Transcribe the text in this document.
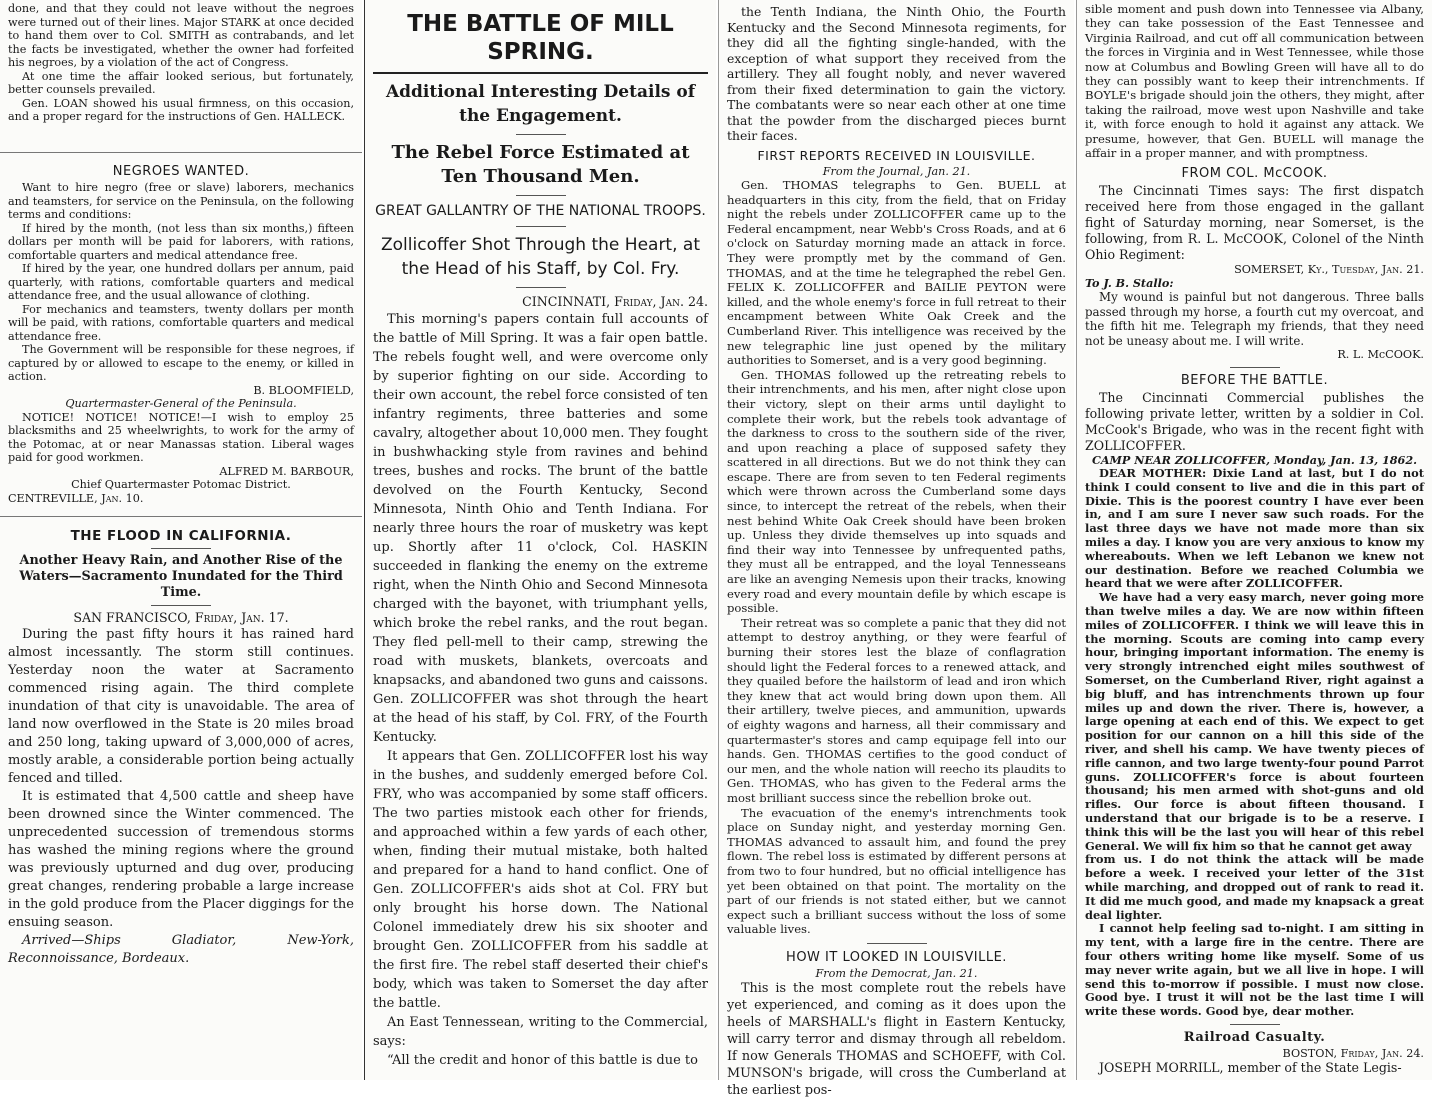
done, and that they could not leave without the negroes were turned out of their lines. Major STARK at once decided to hand them over to Col. SMITH as contrabands, and let the facts be investigated, whether the owner had forfeited his negroes, by a violation of the act of Congress.

At one time the affair looked serious, but fortunately, better counsels prevailed.

Gen. LOAN showed his usual firmness, on this occasion, and a proper regard for the instructions of Gen. HALLECK.

NEGROES WANTED.

Want to hire negro (free or slave) laborers, mechanics and teamsters, for service on the Peninsula, on the following terms and conditions:

If hired by the month, (not less than six months,) fifteen dollars per month will be paid for laborers, with rations, comfortable quarters and medical attendance free.

If hired by the year, one hundred dollars per annum, paid quarterly, with rations, comfortable quarters and medical attendance free, and the usual allowance of clothing.

For mechanics and teamsters, twenty dollars per month will be paid, with rations, comfortable quarters and medical attendance free.

The Government will be responsible for these negroes, if captured by or allowed to escape to the enemy, or killed in action.

B. BLOOMFIELD,

Quartermaster-General of the Peninsula.

NOTICE! NOTICE! NOTICE!—I wish to employ 25 blacksmiths and 25 wheelwrights, to work for the army of the Potomac, at or near Manassas station. Liberal wages paid for good workmen.

ALFRED M. BARBOUR,

Chief Quartermaster Potomac District.

CENTREVILLE, Jan. 10.

THE FLOOD IN CALIFORNIA.

Another Heavy Rain, and Another Rise of the Waters—Sacramento Inundated for the Third Time.

SAN FRANCISCO, Friday, Jan. 17.

During the past fifty hours it has rained hard almost incessantly. The storm still continues. Yesterday noon the water at Sacramento commenced rising again. The third complete inundation of that city is unavoidable. The area of land now overflowed in the State is 20 miles broad and 250 long, taking upward of 3,000,000 of acres, mostly arable, a considerable portion being actually fenced and tilled.

It is estimated that 4,500 cattle and sheep have been drowned since the Winter commenced. The unprecedented succession of tremendous storms has washed the mining regions where the ground was previously upturned and dug over, producing great changes, rendering probable a large increase in the gold produce from the Placer diggings for the ensuing season.

Arrived—Ships Gladiator, New-York, Reconnoissance, Bordeaux.

THE BATTLE OF MILL SPRING.
Additional Interesting Details of the Engagement.
The Rebel Force Estimated at Ten Thousand Men.
GREAT GALLANTRY OF THE NATIONAL TROOPS.
Zollicoffer Shot Through the Heart, at the Head of his Staff, by Col. Fry.

CINCINNATI, Friday, Jan. 24.

This morning's papers contain full accounts of the battle of Mill Spring. It was a fair open battle. The rebels fought well, and were overcome only by superior fighting on our side. According to their own account, the rebel force consisted of ten infantry regiments, three batteries and some cavalry, altogether about 10,000 men. They fought in bushwhacking style from ravines and behind trees, bushes and rocks. The brunt of the battle devolved on the Fourth Kentucky, Second Minnesota, Ninth Ohio and Tenth Indiana. For nearly three hours the roar of musketry was kept up. Shortly after 11 o'clock, Col. HASKIN succeeded in flanking the enemy on the extreme right, when the Ninth Ohio and Second Minnesota charged with the bayonet, with triumphant yells, which broke the rebel ranks, and the rout began. They fled pell-mell to their camp, strewing the road with muskets, blankets, overcoats and knapsacks, and abandoned two guns and caissons. Gen. ZOLLICOFFER was shot through the heart at the head of his staff, by Col. FRY, of the Fourth Kentucky.

It appears that Gen. ZOLLICOFFER lost his way in the bushes, and suddenly emerged before Col. FRY, who was accompanied by some staff officers. The two parties mistook each other for friends, and approached within a few yards of each other, when, finding their mutual mistake, both halted and prepared for a hand to hand conflict. One of Gen. ZOLLICOFFER's aids shot at Col. FRY but only brought his horse down. The National Colonel immediately drew his six shooter and brought Gen. ZOLLICOFFER from his saddle at the first fire. The rebel staff deserted their chief's body, which was taken to Somerset the day after the battle.

An East Tennessean, writing to the Commercial, says:

“All the credit and honor of this battle is due to

the Tenth Indiana, the Ninth Ohio, the Fourth Kentucky and the Second Minnesota regiments, for they did all the fighting single-handed, with the exception of what support they received from the artillery. They all fought nobly, and never wavered from their fixed determination to gain the victory. The combatants were so near each other at one time that the powder from the discharged pieces burnt their faces.

FIRST REPORTS RECEIVED IN LOUISVILLE.

From the Journal, Jan. 21.

Gen. THOMAS telegraphs to Gen. BUELL at headquarters in this city, from the field, that on Friday night the rebels under ZOLLICOFFER came up to the Federal encampment, near Webb's Cross Roads, and at 6 o'clock on Saturday morning made an attack in force. They were promptly met by the command of Gen. THOMAS, and at the time he telegraphed the rebel Gen. FELIX K. ZOLLICOFFER and BAILIE PEYTON were killed, and the whole enemy's force in full retreat to their encampment between White Oak Creek and the Cumberland River. This intelligence was received by the new telegraphic line just opened by the military authorities to Somerset, and is a very good beginning.

Gen. THOMAS followed up the retreating rebels to their intrenchments, and his men, after night close upon their victory, slept on their arms until daylight to complete their work, but the rebels took advantage of the darkness to cross to the southern side of the river, and upon reaching a place of supposed safety they scattered in all directions. But we do not think they can escape. There are from seven to ten Federal regiments which were thrown across the Cumberland some days since, to intercept the retreat of the rebels, when their nest behind White Oak Creek should have been broken up. Unless they divide themselves up into squads and find their way into Tennessee by unfrequented paths, they must all be entrapped, and the loyal Tennesseans are like an avenging Nemesis upon their tracks, knowing every road and every mountain defile by which escape is possible.

Their retreat was so complete a panic that they did not attempt to destroy anything, or they were fearful of burning their stores lest the blaze of conflagration should light the Federal forces to a renewed attack, and they quailed before the hailstorm of lead and iron which they knew that act would bring down upon them. All their artillery, twelve pieces, and ammunition, upwards of eighty wagons and harness, all their commissary and quartermaster's stores and camp equipage fell into our hands. Gen. THOMAS certifies to the good conduct of our men, and the whole nation will reecho its plaudits to Gen. THOMAS, who has given to the Federal arms the most brilliant success since the rebellion broke out.

The evacuation of the enemy's intrenchments took place on Sunday night, and yesterday morning Gen. THOMAS advanced to assault him, and found the prey flown. The rebel loss is estimated by different persons at from two to four hundred, but no official intelligence has yet been obtained on that point. The mortality on the part of our friends is not stated either, but we cannot expect such a brilliant success without the loss of some valuable lives.

HOW IT LOOKED IN LOUISVILLE.

From the Democrat, Jan. 21.

This is the most complete rout the rebels have yet experienced, and coming as it does upon the heels of MARSHALL's flight in Eastern Kentucky, will carry terror and dismay through all rebeldom. If now Generals THOMAS and SCHOEFF, with Col. MUNSON's brigade, will cross the Cumberland at the earliest pos-

sible moment and push down into Tennessee via Albany, they can take possession of the East Tennessee and Virginia Railroad, and cut off all communication between the forces in Virginia and in West Tennessee, while those now at Columbus and Bowling Green will have all to do they can possibly want to keep their intrenchments. If BOYLE's brigade should join the others, they might, after taking the railroad, move west upon Nashville and take it, with force enough to hold it against any attack. We presume, however, that Gen. BUELL will manage the affair in a proper manner, and with promptness.

FROM COL. McCOOK.

The Cincinnati Times says: The first dispatch received here from those engaged in the gallant fight of Saturday morning, near Somerset, is the following, from R. L. McCOOK, Colonel of the Ninth Ohio Regiment:

SOMERSET, Ky., Tuesday, Jan. 21.

To J. B. Stallo:

My wound is painful but not dangerous. Three balls passed through my horse, a fourth cut my overcoat, and the fifth hit me. Telegraph my friends, that they need not be uneasy about me. I will write.

R. L. McCOOK.

BEFORE THE BATTLE.

The Cincinnati Commercial publishes the following private letter, written by a soldier in Col. McCook's Brigade, who was in the recent fight with ZOLLICOFFER.

CAMP NEAR ZOLLICOFFER, Monday, Jan. 13, 1862.

DEAR MOTHER: Dixie Land at last, but I do not think I could consent to live and die in this part of Dixie. This is the poorest country I have ever been in, and I am sure I never saw such roads. For the last three days we have not made more than six miles a day. I know you are very anxious to know my whereabouts. When we left Lebanon we knew not our destination. Before we reached Columbia we heard that we were after ZOLLICOFFER.

We have had a very easy march, never going more than twelve miles a day. We are now within fifteen miles of ZOLLICOFFER. I think we will leave this in the morning. Scouts are coming into camp every hour, bringing important information. The enemy is very strongly intrenched eight miles southwest of Somerset, on the Cumberland River, right against a big bluff, and has intrenchments thrown up four miles up and down the river. There is, however, a large opening at each end of this. We expect to get position for our cannon on a hill this side of the river, and shell his camp. We have twenty pieces of rifle cannon, and two large twenty-four pound Parrot guns. ZOLLICOFFER's force is about fourteen thousand; his men armed with shot-guns and old rifles. Our force is about fifteen thousand. I understand that our brigade is to be a reserve. I think this will be the last you will hear of this rebel General. We will fix him so that he cannot get away

from us. I do not think the attack will be made before a week. I received your letter of the 31st while marching, and dropped out of rank to read it. It did me much good, and made my knapsack a great deal lighter.

I cannot help feeling sad to-night. I am sitting in my tent, with a large fire in the centre. There are four others writing home like myself. Some of us may never write again, but we all live in hope. I will send this to-morrow if possible. I must now close. Good bye. I trust it will not be the last time I will write these words. Good bye, dear mother.

Railroad Casualty.

BOSTON, Friday, Jan. 24.

JOSEPH MORRILL, member of the State Legis-
